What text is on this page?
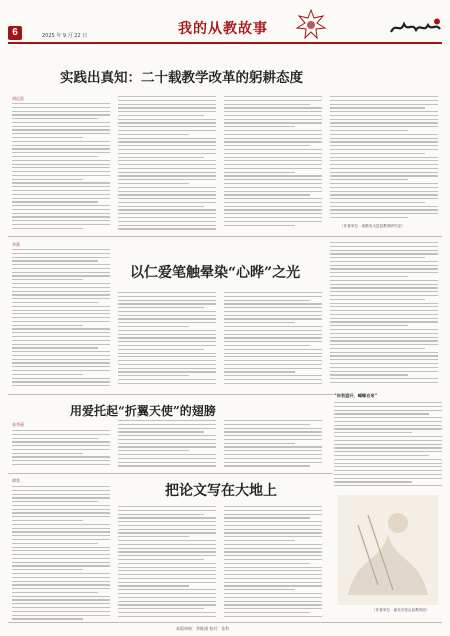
6	2025 年 9 月 22 日	我的从教故事
实践出真知：二十载教学改革的躬耕态度
胡远雷
（作者单位：成都市大邑县教育研究室）
李燕
以仁爱笔触晕染“心晔”之光
用爱托起“折翼天使”的翅膀
张秀丽
谭希
把论文写在大地上
“你若盛开，蝴蝶自来”
（作者单位：南充市营山县教育局）
本版审核：李维刚 校对：张科
